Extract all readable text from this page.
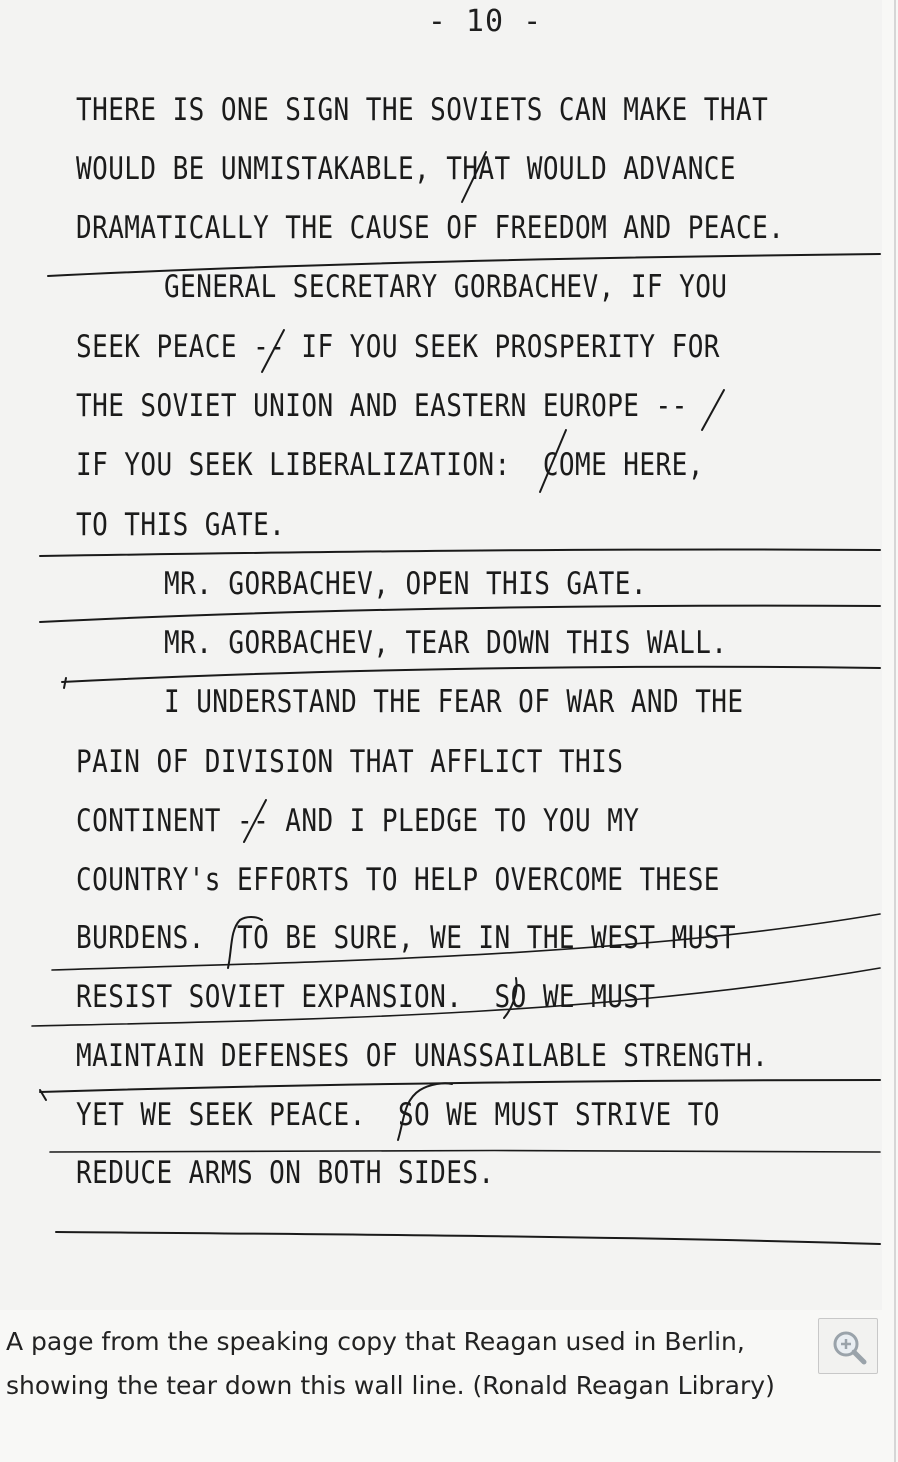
- 10 -
THERE IS ONE SIGN THE SOVIETS CAN MAKE THAT
WOULD BE UNMISTAKABLE, THAT WOULD ADVANCE
DRAMATICALLY THE CAUSE OF FREEDOM AND PEACE.
GENERAL SECRETARY GORBACHEV, IF YOU
SEEK PEACE -- IF YOU SEEK PROSPERITY FOR
THE SOVIET UNION AND EASTERN EUROPE --
IF YOU SEEK LIBERALIZATION:  COME HERE,
TO THIS GATE.
MR. GORBACHEV, OPEN THIS GATE.
MR. GORBACHEV, TEAR DOWN THIS WALL.
I UNDERSTAND THE FEAR OF WAR AND THE
PAIN OF DIVISION THAT AFFLICT THIS
CONTINENT -- AND I PLEDGE TO YOU MY
COUNTRY's EFFORTS TO HELP OVERCOME THESE
BURDENS.  TO BE SURE, WE IN THE WEST MUST
RESIST SOVIET EXPANSION.  SO WE MUST
MAINTAIN DEFENSES OF UNASSAILABLE STRENGTH.
YET WE SEEK PEACE.  SO WE MUST STRIVE TO
REDUCE ARMS ON BOTH SIDES.

A page from the speaking copy that Reagan used in Berlin, showing the tear down this wall line. (Ronald Reagan Library)
